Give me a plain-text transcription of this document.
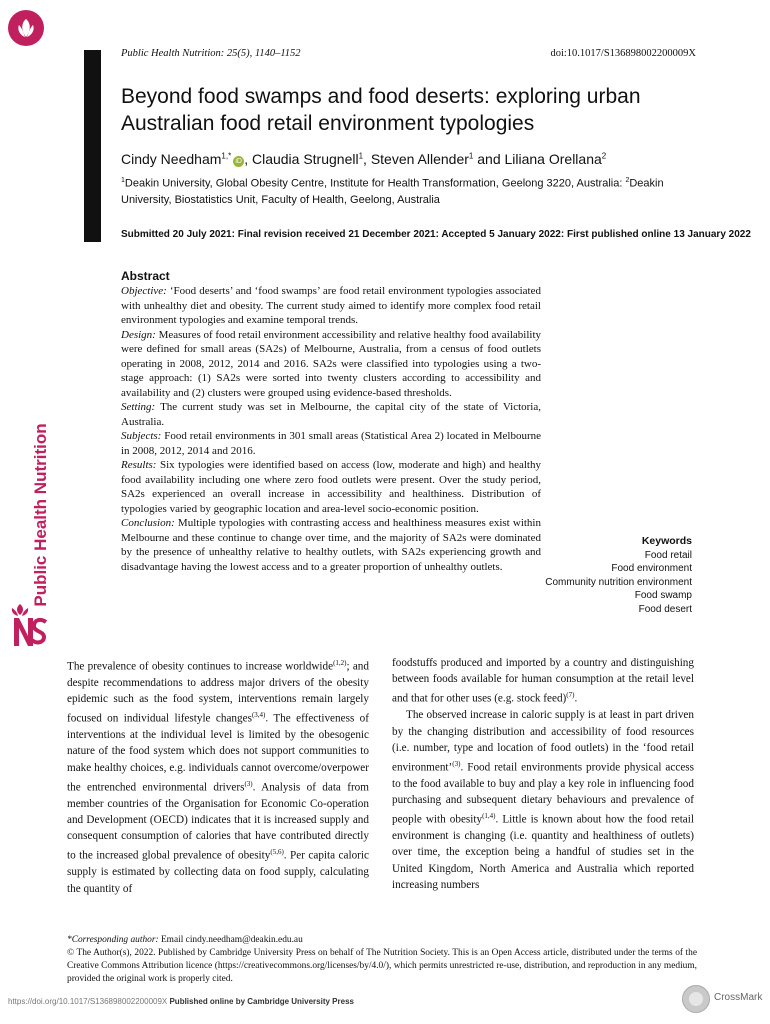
Public Health Nutrition
Public Health Nutrition: 25(5), 1140–1152	doi:10.1017/S136898002200009X
Beyond food swamps and food deserts: exploring urban Australian food retail environment typologies
Cindy Needham$^{1,*}$iD , Claudia Strugnell$^1$, Steven Allender$^1$ and Liliana Orellana$^2$
$^1$Deakin University, Global Obesity Centre, Institute for Health Transformation, Geelong 3220, Australia: $^2$Deakin University, Biostatistics Unit, Faculty of Health, Geelong, Australia
Submitted 20 July 2021: Final revision received 21 December 2021: Accepted 5 January 2022: First published online 13 January 2022
Abstract

Objective: ‘Food deserts’ and ‘food swamps’ are food retail environment typologies associated with unhealthy diet and obesity. The current study aimed to identify more complex food retail environment typologies and examine temporal trends.

Design: Measures of food retail environment accessibility and relative healthy food availability were defined for small areas (SA2s) of Melbourne, Australia, from a census of food outlets operating in 2008, 2012, 2014 and 2016. SA2s were classified into typologies using a two-stage approach: (1) SA2s were sorted into twenty clusters according to accessibility and availability and (2) clusters were grouped using evidence-based thresholds.

Setting: The current study was set in Melbourne, the capital city of the state of Victoria, Australia.

Subjects: Food retail environments in 301 small areas (Statistical Area 2) located in Melbourne in 2008, 2012, 2014 and 2016.

Results: Six typologies were identified based on access (low, moderate and high) and healthy food availability including one where zero food outlets were present. Over the study period, SA2s experienced an overall increase in accessibility and healthiness. Distribution of typologies varied by geographic location and area-level socio-economic position.

Conclusion: Multiple typologies with contrasting access and healthiness measures exist within Melbourne and these continue to change over time, and the majority of SA2s were dominated by the presence of unhealthy relative to healthy outlets, with SA2s experiencing growth and disadvantage having the lowest access and to a greater proportion of unhealthy outlets.

Keywords
Food retail
Food environment
Community nutrition environment
Food swamp
Food desert

The prevalence of obesity continues to increase worldwide$^{(1,2)}$; and despite recommendations to address major drivers of the obesity epidemic such as the food system, interventions remain largely focused on individual lifestyle changes$^{(3,4)}$. The effectiveness of interventions at the individual level is limited by the obesogenic nature of the food system which does not support communities to make healthy choices, e.g. individuals cannot overcome/overpower the entrenched environmental drivers$^{(3)}$. Analysis of data from member countries of the Organisation for Economic Co-operation and Development (OECD) indicates that it is increased supply and consequent consumption of calories that have contributed directly to the increased global prevalence of obesity$^{(5,6)}$. Per capita caloric supply is estimated by collecting data on food supply, calculating the quantity of

foodstuffs produced and imported by a country and distinguishing between foods available for human consumption at the retail level and that for other uses (e.g. stock feed)$^{(7)}$.

The observed increase in caloric supply is at least in part driven by the changing distribution and accessibility of food resources (i.e. number, type and location of food outlets) in the ‘food retail environment’$^{(3)}$. Food retail environments provide physical access to the food available to buy and play a key role in influencing food purchasing and subsequent dietary behaviours and prevalence of people with obesity$^{(1,4)}$. Little is known about how the food retail environment is changing (i.e. quantity and healthiness of outlets) over time, the exception being a handful of studies set in the United Kingdom, North America and Australia which reported increasing numbers

*Corresponding author: Email cindy.needham@deakin.edu.au

© The Author(s), 2022. Published by Cambridge University Press on behalf of The Nutrition Society. This is an Open Access article, distributed under the terms of the Creative Commons Attribution licence (https://creativecommons.org/licenses/by/4.0/), which permits unrestricted re-use, distribution, and reproduction in any medium, provided the original work is properly cited.

https://doi.org/10.1017/S136898002200009X Published online by Cambridge University Press	CrossMark
